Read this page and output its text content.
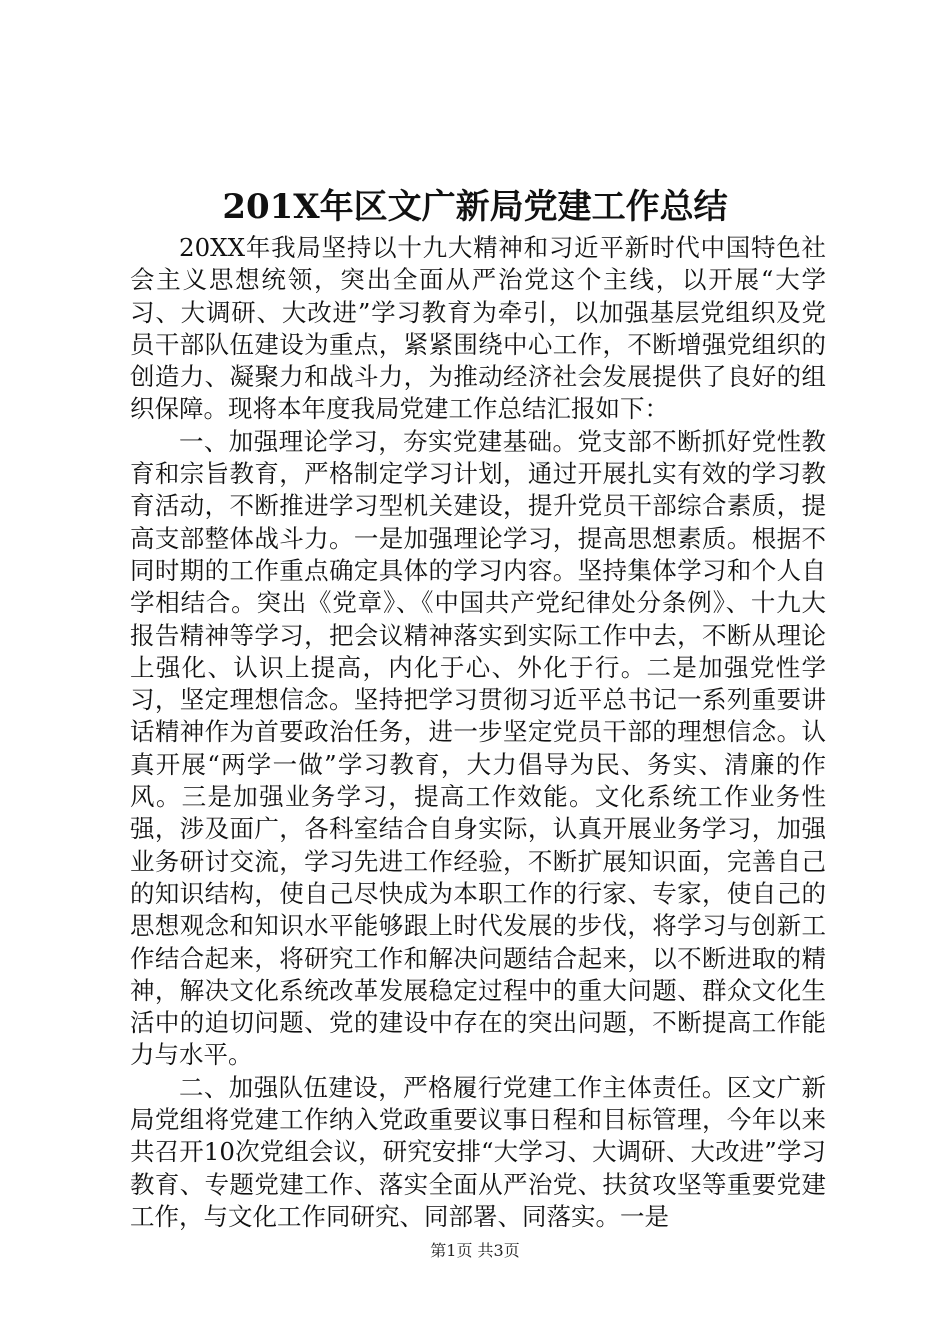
201X年区文广新局党建工作总结

20XX年我局坚持以十九大精神和习近平新时代中国特色社会主义思想统领，突出全面从严治党这个主线，以开展“大学习、大调研、大改进”学习教育为牵引，以加强基层党组织及党员干部队伍建设为重点，紧紧围绕中心工作，不断增强党组织的创造力、凝聚力和战斗力，为推动经济社会发展提供了良好的组织保障。现将本年度我局党建工作总结汇报如下：

一、加强理论学习，夯实党建基础。党支部不断抓好党性教育和宗旨教育，严格制定学习计划，通过开展扎实有效的学习教育活动，不断推进学习型机关建设，提升党员干部综合素质，提高支部整体战斗力。一是加强理论学习，提高思想素质。根据不同时期的工作重点确定具体的学习内容。坚持集体学习和个人自学相结合。突出《党章》、《中国共产党纪律处分条例》、十九大报告精神等学习，把会议精神落实到实际工作中去，不断从理论上强化、认识上提高，内化于心、外化于行。二是加强党性学习，坚定理想信念。坚持把学习贯彻习近平总书记一系列重要讲话精神作为首要政治任务，进一步坚定党员干部的理想信念。认真开展“两学一做”学习教育，大力倡导为民、务实、清廉的作风。三是加强业务学习，提高工作效能。文化系统工作业务性强，涉及面广，各科室结合自身实际，认真开展业务学习，加强业务研讨交流，学习先进工作经验，不断扩展知识面，完善自己的知识结构，使自己尽快成为本职工作的行家、专家，使自己的思想观念和知识水平能够跟上时代发展的步伐，将学习与创新工作结合起来，将研究工作和解决问题结合起来，以不断进取的精神，解决文化系统改革发展稳定过程中的重大问题、群众文化生活中的迫切问题、党的建设中存在的突出问题，不断提高工作能力与水平。

二、加强队伍建设，严格履行党建工作主体责任。区文广新局党组将党建工作纳入党政重要议事日程和目标管理，今年以来共召开10次党组会议，研究安排“大学习、大调研、大改进”学习教育、专题党建工作、落实全面从严治党、扶贫攻坚等重要党建工作，与文化工作同研究、同部署、同落实。一是

第1页 共3页
